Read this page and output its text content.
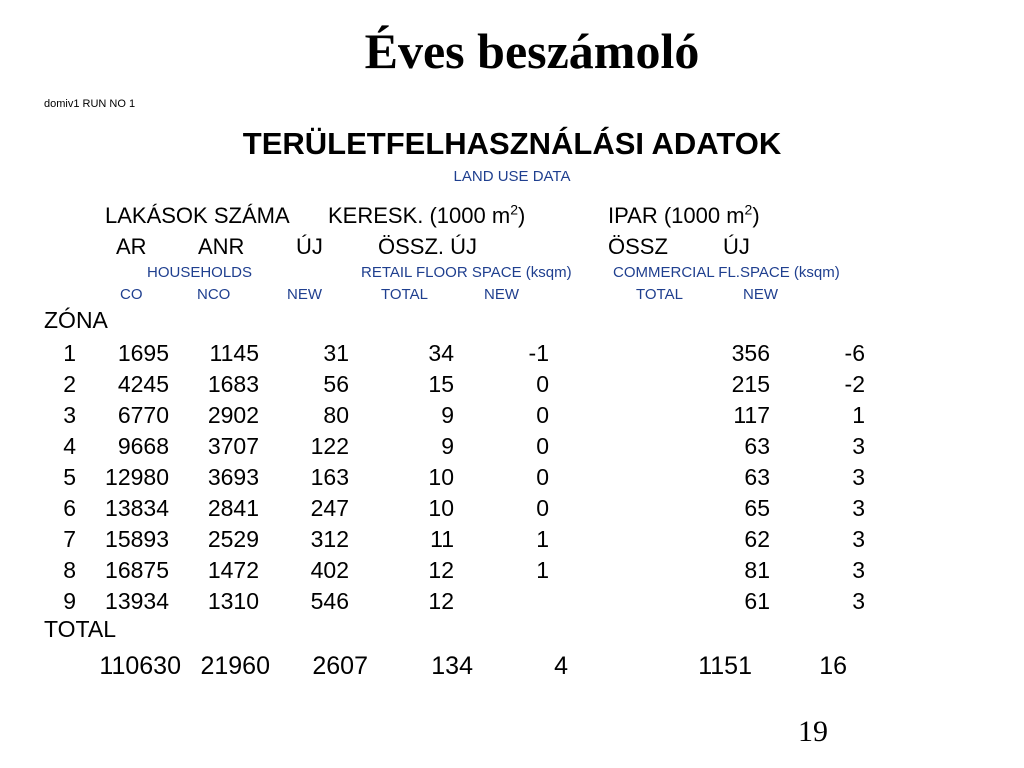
Éves beszámoló
domiv1 RUN NO 1
TERÜLETFELHASZNÁLÁSI ADATOK
LAND USE DATA
LAKÁSOK SZÁMA KERESK. (1000 $m^2$)	IPAR (1000 $m^2$)
AR ANR ÚJ	ÖSSZ. ÚJ	ÖSSZ	ÚJ
HOUSEHOLDS	RETAIL FLOOR SPACE (ksqm)	COMMERCIAL FL.SPACE (ksqm)
CO	NCO	NEW	TOTAL	NEW	TOTAL	NEW
ZÓNA
1	1695	1145	31	34	-1	356	-6
2	4245	1683	56	15	0	215	-2
3	6770	2902	80	9	0	117	1
4	9668	3707	122	9	0	63	3
5	12980	3693	163	10	0	63	3
6	13834	2841	247	10	0	65	3
7	15893	2529	312	11	1	62	3
8	16875	1472	402	12	1	81	3
9	13934	1310	546	12		61	3
TOTAL
110630	21960	2607	134	4	1151	16
19
